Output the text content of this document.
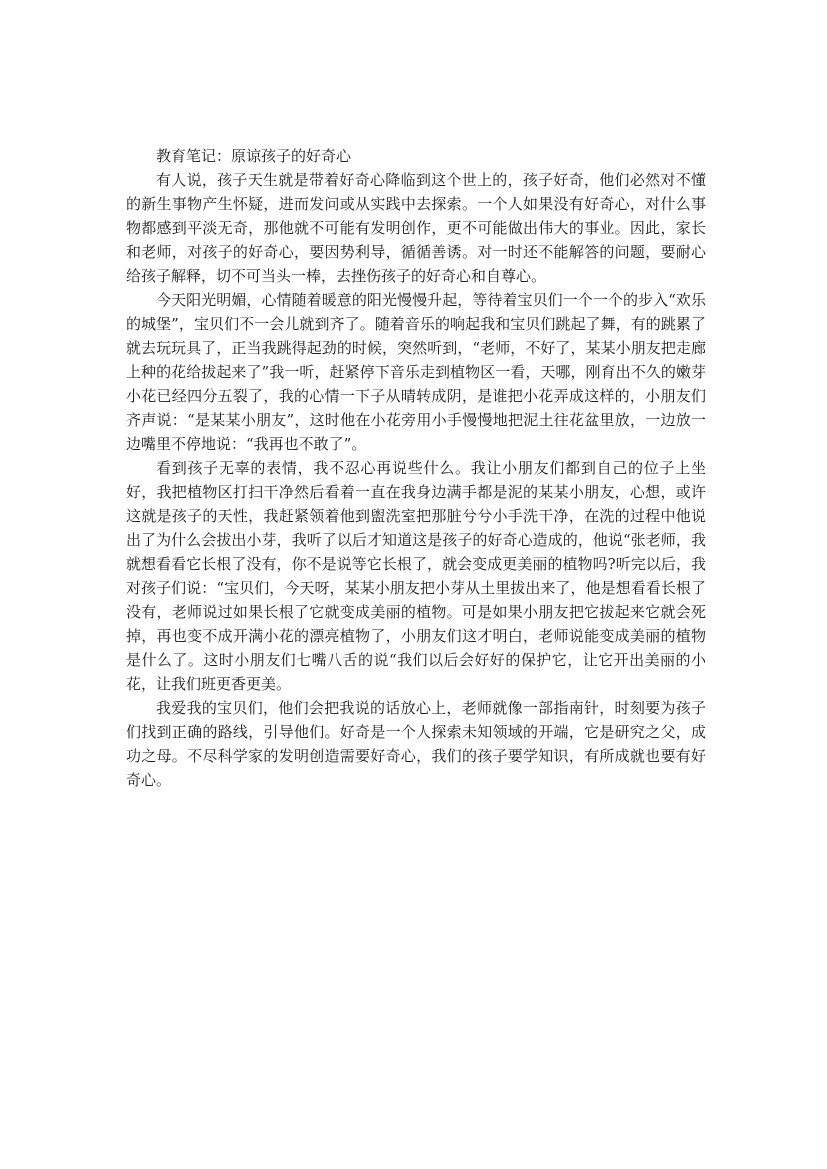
教育笔记：原谅孩子的好奇心

有人说，孩子天生就是带着好奇心降临到这个世上的，孩子好奇，他们必然对不懂的新生事物产生怀疑，进而发问或从实践中去探索。一个人如果没有好奇心，对什么事物都感到平淡无奇，那他就不可能有发明创作，更不可能做出伟大的事业。因此，家长和老师，对孩子的好奇心，要因势利导，循循善诱。对一时还不能解答的问题，要耐心给孩子解释，切不可当头一棒，去挫伤孩子的好奇心和自尊心。

今天阳光明媚，心情随着暖意的阳光慢慢升起，等待着宝贝们一个一个的步入“欢乐的城堡”，宝贝们不一会儿就到齐了。随着音乐的响起我和宝贝们跳起了舞，有的跳累了就去玩玩具了，正当我跳得起劲的时候，突然听到，“老师，不好了，某某小朋友把走廊上种的花给拔起来了”我一听，赶紧停下音乐走到植物区一看，天哪，刚育出不久的嫩芽小花已经四分五裂了，我的心情一下子从晴转成阴，是谁把小花弄成这样的，小朋友们齐声说：“是某某小朋友”，这时他在小花旁用小手慢慢地把泥土往花盆里放，一边放一边嘴里不停地说：“我再也不敢了”。

看到孩子无辜的表情，我不忍心再说些什么。我让小朋友们都到自己的位子上坐好，我把植物区打扫干净然后看着一直在我身边满手都是泥的某某小朋友，心想，或许这就是孩子的天性，我赶紧领着他到盥洗室把那脏兮兮小手洗干净，在洗的过程中他说出了为什么会拔出小芽，我听了以后才知道这是孩子的好奇心造成的，他说“张老师，我就想看看它长根了没有，你不是说等它长根了，就会变成更美丽的植物吗?听完以后，我对孩子们说：“宝贝们，今天呀，某某小朋友把小芽从土里拔出来了，他是想看看长根了没有，老师说过如果长根了它就变成美丽的植物。可是如果小朋友把它拔起来它就会死掉，再也变不成开满小花的漂亮植物了，小朋友们这才明白，老师说能变成美丽的植物是什么了。这时小朋友们七嘴八舌的说“我们以后会好好的保护它，让它开出美丽的小花，让我们班更香更美。

我爱我的宝贝们，他们会把我说的话放心上，老师就像一部指南针，时刻要为孩子们找到正确的路线，引导他们。好奇是一个人探索未知领域的开端，它是研究之父，成功之母。不尽科学家的发明创造需要好奇心，我们的孩子要学知识，有所成就也要有好奇心。
